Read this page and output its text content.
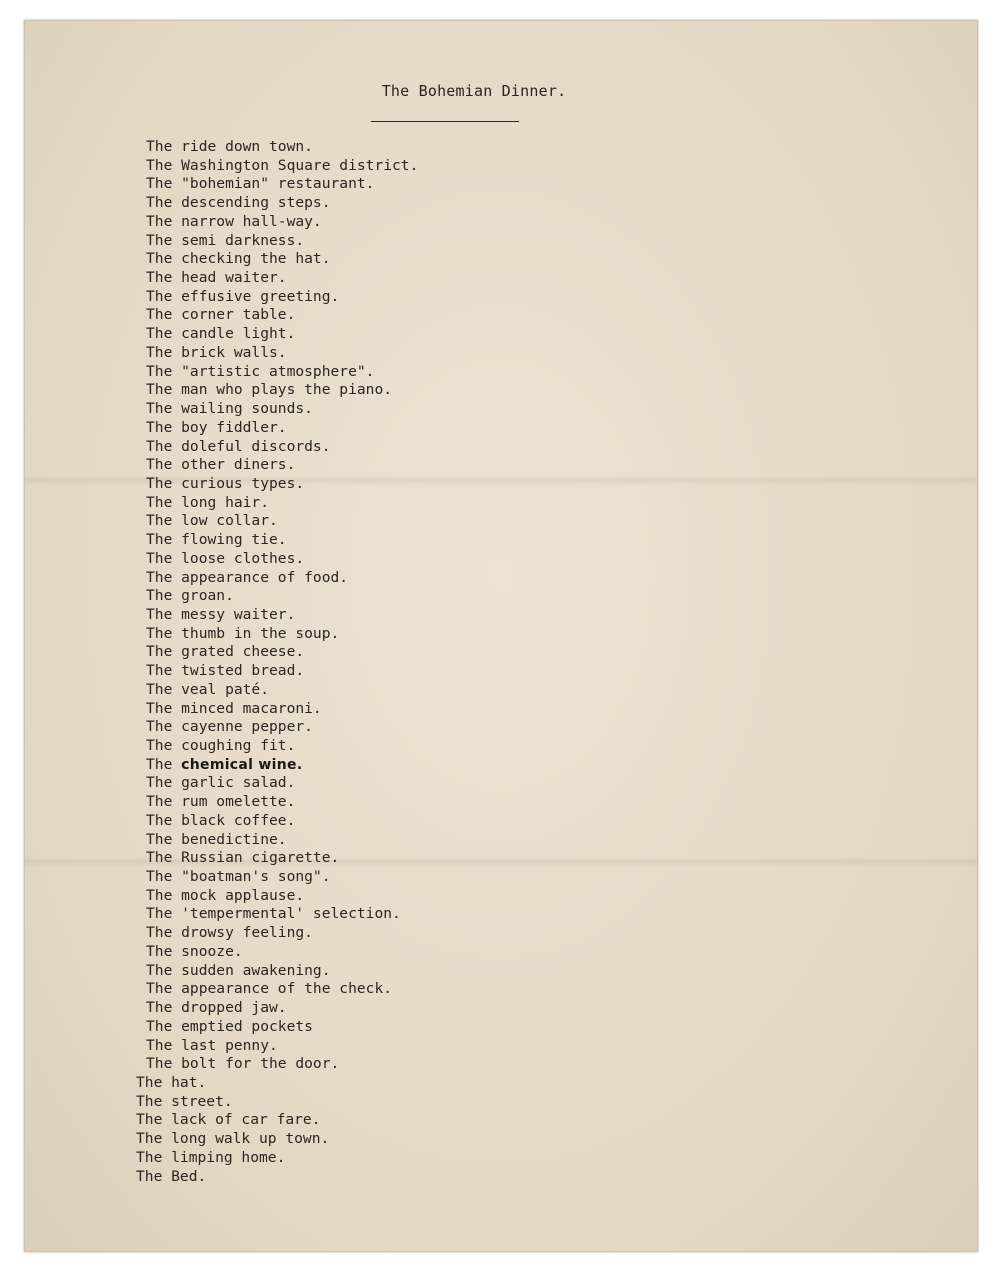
The Bohemian Dinner.
The ride down town.
The Washington Square district.
The "bohemian" restaurant.
The descending steps.
The narrow hall-way.
The semi darkness.
The checking the hat.
The head waiter.
The effusive greeting.
The corner table.
The candle light.
The brick walls.
The "artistic atmosphere".
The man who plays the piano.
The wailing sounds.
The boy fiddler.
The doleful discords.
The other diners.
The curious types.
The long hair.
The low collar.
The flowing tie.
The loose clothes.
The appearance of food.
The groan.
The messy waiter.
The thumb in the soup.
The grated cheese.
The twisted bread.
The veal paté.
The minced macaroni.
The cayenne pepper.
The coughing fit.
The chemical wine.
The garlic salad.
The rum omelette.
The black coffee.
The benedictine.
The Russian cigarette.
The "boatman's song".
The mock applause.
The 'tempermental' selection.
The drowsy feeling.
The snooze.
The sudden awakening.
The appearance of the check.
The dropped jaw.
The emptied pockets
The last penny.
The bolt for the door.
The hat.
The street.
The lack of car fare.
The long walk up town.
The limping home.
The Bed.
